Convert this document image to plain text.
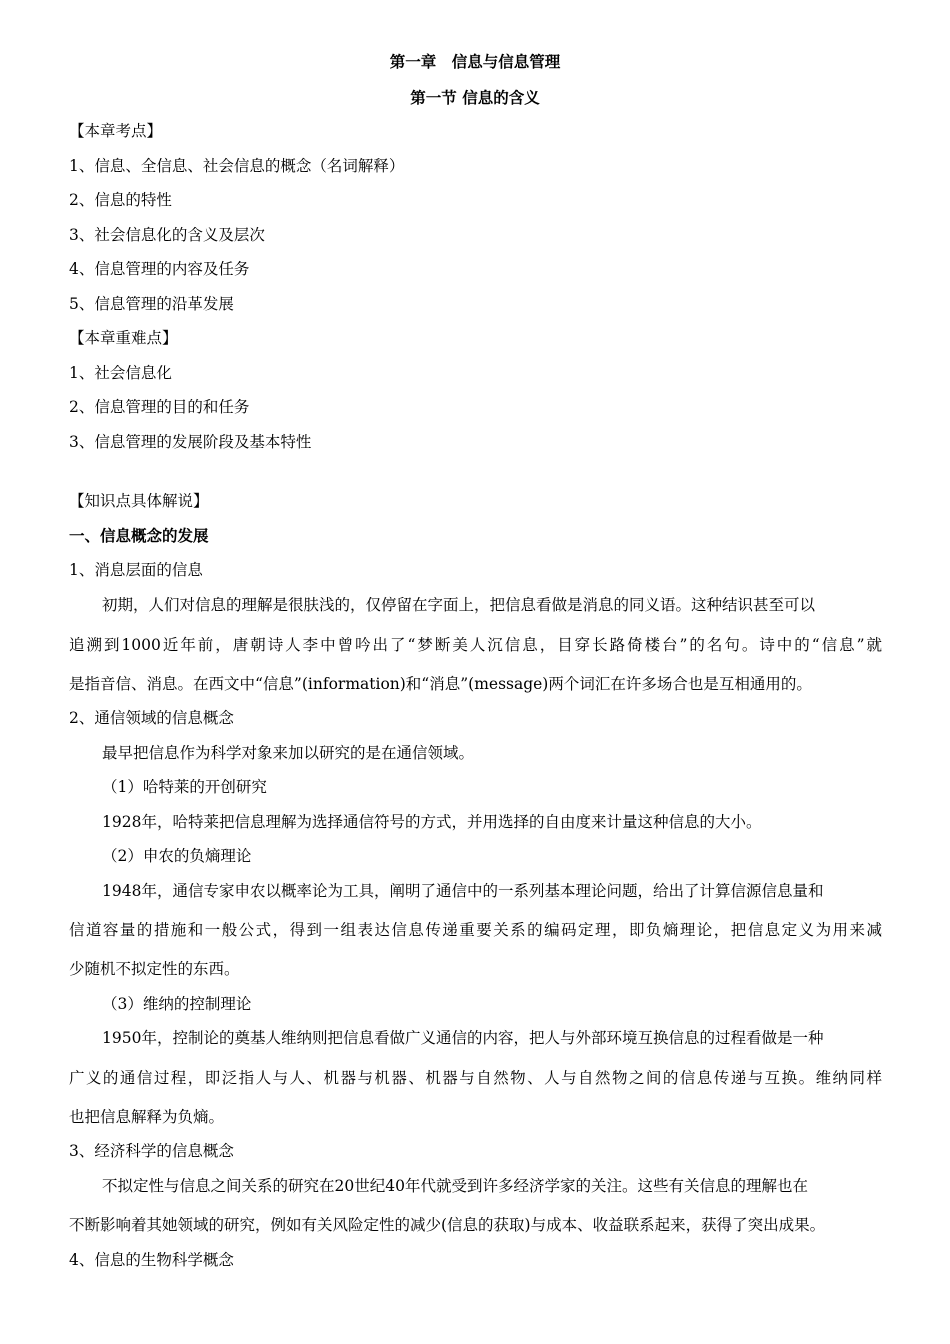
第一章　信息与信息管理
第一节 信息的含义
【本章考点】
1、信息、全信息、社会信息的概念（名词解释）
2、信息的特性
3、社会信息化的含义及层次
4、信息管理的内容及任务
5、信息管理的沿革发展
【本章重难点】
1、社会信息化
2、信息管理的目的和任务
3、信息管理的发展阶段及基本特性
【知识点具体解说】
一、信息概念的发展
1、消息层面的信息
初期，人们对信息的理解是很肤浅的，仅停留在字面上，把信息看做是消息的同义语。这种结识甚至可以
追溯到1000近年前，唐朝诗人李中曾吟出了“梦断美人沉信息，目穿长路倚楼台”的名句。诗中的“信息”就
是指音信、消息。在西文中“信息”(information)和“消息”(message)两个词汇在许多场合也是互相通用的。
2、通信领域的信息概念
最早把信息作为科学对象来加以研究的是在通信领域。
（1）哈特莱的开创研究
1928年，哈特莱把信息理解为选择通信符号的方式，并用选择的自由度来计量这种信息的大小。
（2）申农的负熵理论
1948年，通信专家申农以概率论为工具，阐明了通信中的一系列基本理论问题，给出了计算信源信息量和
信道容量的措施和一般公式，得到一组表达信息传递重要关系的编码定理，即负熵理论，把信息定义为用来减
少随机不拟定性的东西。
（3）维纳的控制理论
1950年，控制论的奠基人维纳则把信息看做广义通信的内容，把人与外部环境互换信息的过程看做是一种
广义的通信过程，即泛指人与人、机器与机器、机器与自然物、人与自然物之间的信息传递与互换。维纳同样
也把信息解释为负熵。
3、经济科学的信息概念
不拟定性与信息之间关系的研究在20世纪40年代就受到许多经济学家的关注。这些有关信息的理解也在
不断影响着其她领域的研究，例如有关风险定性的减少(信息的获取)与成本、收益联系起来，获得了突出成果。
4、信息的生物科学概念
